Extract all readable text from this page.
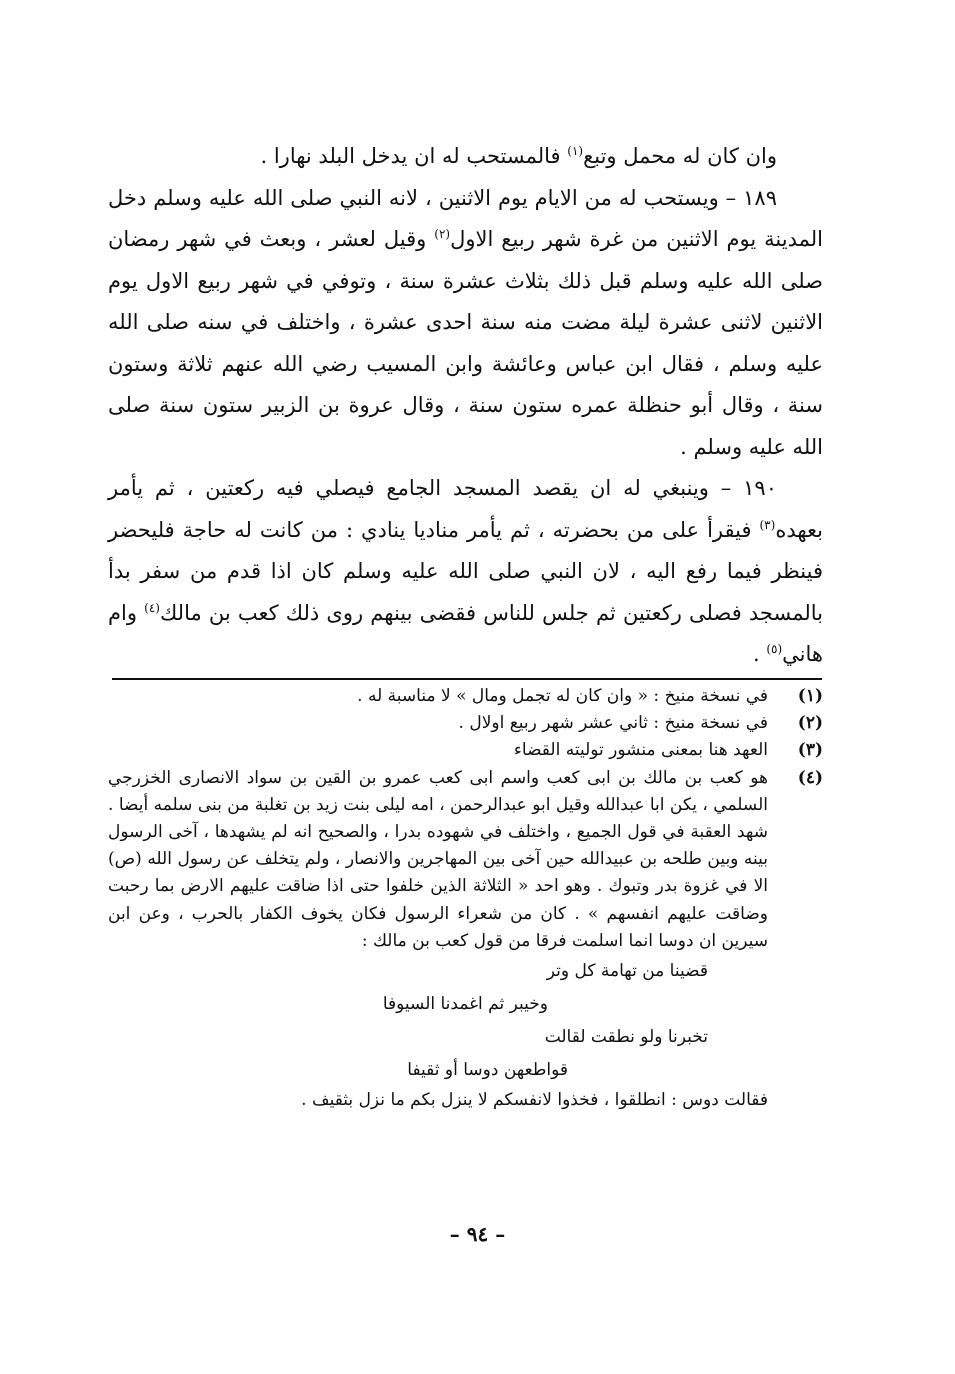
وان كان له محمل وتبع$^{(١)}$ فالمستحب له ان يدخل البلد نهارا .

١٨٩ – ويستحب له من الايام يوم الاثنين ، لانه النبي صلى الله عليه وسلم دخل المدينة يوم الاثنين من غرة شهر ربيع الاول$^{(٢)}$ وقيل لعشر ، وبعث في شهر رمضان صلى الله عليه وسلم قبل ذلك بثلاث عشرة سنة ، وتوفي في شهر ربيع الاول يوم الاثنين لاثنى عشرة ليلة مضت منه سنة احدى عشرة ، واختلف في سنه صلى الله عليه وسلم ، فقال ابن عباس وعائشة وابن المسيب رضي الله عنهم ثلاثة وستون سنة ، وقال أبو حنظلة عمره ستون سنة ، وقال عروة بن الزبير ستون سنة صلى الله عليه وسلم .

١٩٠ – وينبغي له ان يقصد المسجد الجامع فيصلي فيه ركعتين ، ثم يأمر بعهده$^{(٣)}$ فيقرأ على من بحضرته ، ثم يأمر مناديا ينادي : من كانت له حاجة فليحضر فينظر فيما رفع اليه ، لان النبي صلى الله عليه وسلم كان اذا قدم من سفر بدأ بالمسجد فصلى ركعتين ثم جلس للناس فقضى بينهم روى ذلك كعب بن مالك$^{(٤)}$ وام هاني$^{(٥)}$ .

(١)
في نسخة منيخ : « وان كان له تجمل ومال » لا مناسبة له .
(٢)
في نسخة منيخ : ثاني عشر شهر ربيع اولال .
(٣)
العهد هنا بمعنى منشور توليته القضاء
(٤)
هو كعب بن مالك بن ابى كعب واسم ابى كعب عمرو بن القين بن سواد الانصارى الخزرجي السلمي ، يكن ابا عبدالله وقيل ابو عبدالرحمن ، امه ليلى بنت زيد بن تغلبة من بنى سلمه أيضا . شهد العقبة في قول الجميع ، واختلف في شهوده بدرا ، والصحيح انه لم يشهدها ، آخى الرسول بينه وبين طلحه بن عبيدالله حين آخى بين المهاجرين والانصار ، ولم يتخلف عن رسول الله (ص) الا في غزوة بدر وتبوك . وهو احد « الثلاثة الذين خلفوا حتى اذا ضاقت عليهم الارض بما رحبت وضاقت عليهم انفسهم » . كان من شعراء الرسول فكان يخوف الكفار بالحرب ، وعن ابن سيرين ان دوسا انما اسلمت فرقا من قول كعب بن مالك :
قضينا من تهامة كل وتر
وخيبر ثم اغمدنا السيوفا
تخبرنا ولو نطقت لقالت
قواطعهن دوسا أو ثقيفا
فقالت دوس : انطلقوا ، فخذوا لانفسكم لا ينزل بكم ما نزل بثقيف .
– ٩٤ –
